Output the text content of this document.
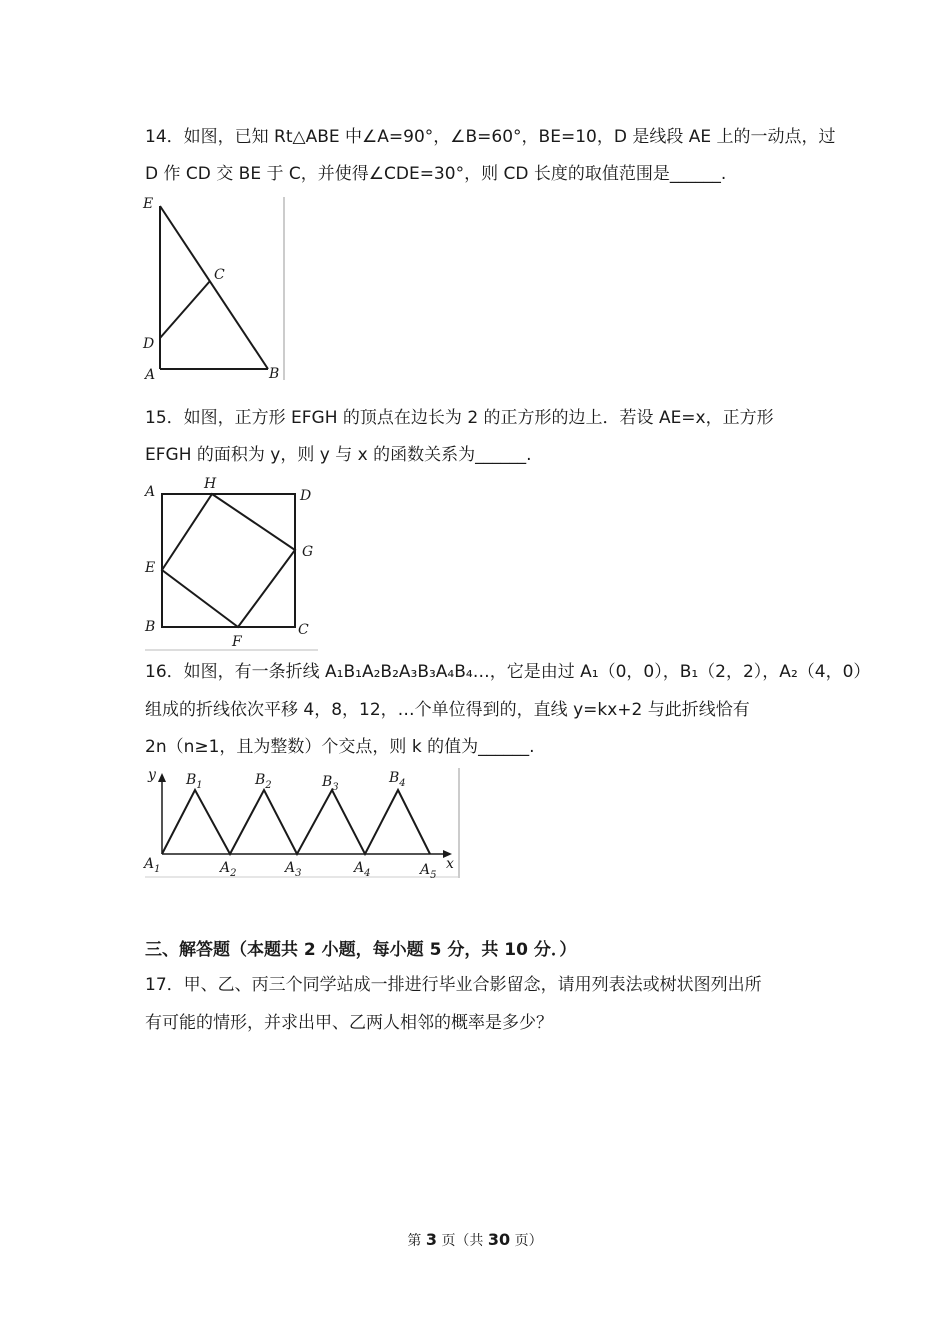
14．如图，已知 Rt△ABE 中∠A=90°，∠B=60°，BE=10，D 是线段 AE 上的一动点，过
D 作 CD 交 BE 于 C，并使得∠CDE=30°，则 CD 长度的取值范围是______.
E
C
D
A	B
15．如图，正方形 EFGH 的顶点在边长为 2 的正方形的边上．若设 AE=x，正方形
EFGH 的面积为 y，则 y 与 x 的函数关系为______.
A	H
D
G
E
B
F
C
16．如图，有一条折线 A₁B₁A₂B₂A₃B₃A₄B₄…，它是由过 A₁（0，0），B₁（2，2），A₂（4，0）
组成的折线依次平移 4，8，12，…个单位得到的，直线 y=kx+2 与此折线恰有
2n（n≥1，且为整数）个交点，则 k 的值为______.
y
x
$B_1$	$B_2$	$B_3$
$B_4$
$A_1$	$A_2$	$A_3$	$A_4$	$A_5$
三、解答题（本题共 2 小题，每小题 5 分，共 10 分．）
17．甲、乙、丙三个同学站成一排进行毕业合影留念，请用列表法或树状图列出所
有可能的情形，并求出甲、乙两人相邻的概率是多少？
第 3 页（共 30 页）
